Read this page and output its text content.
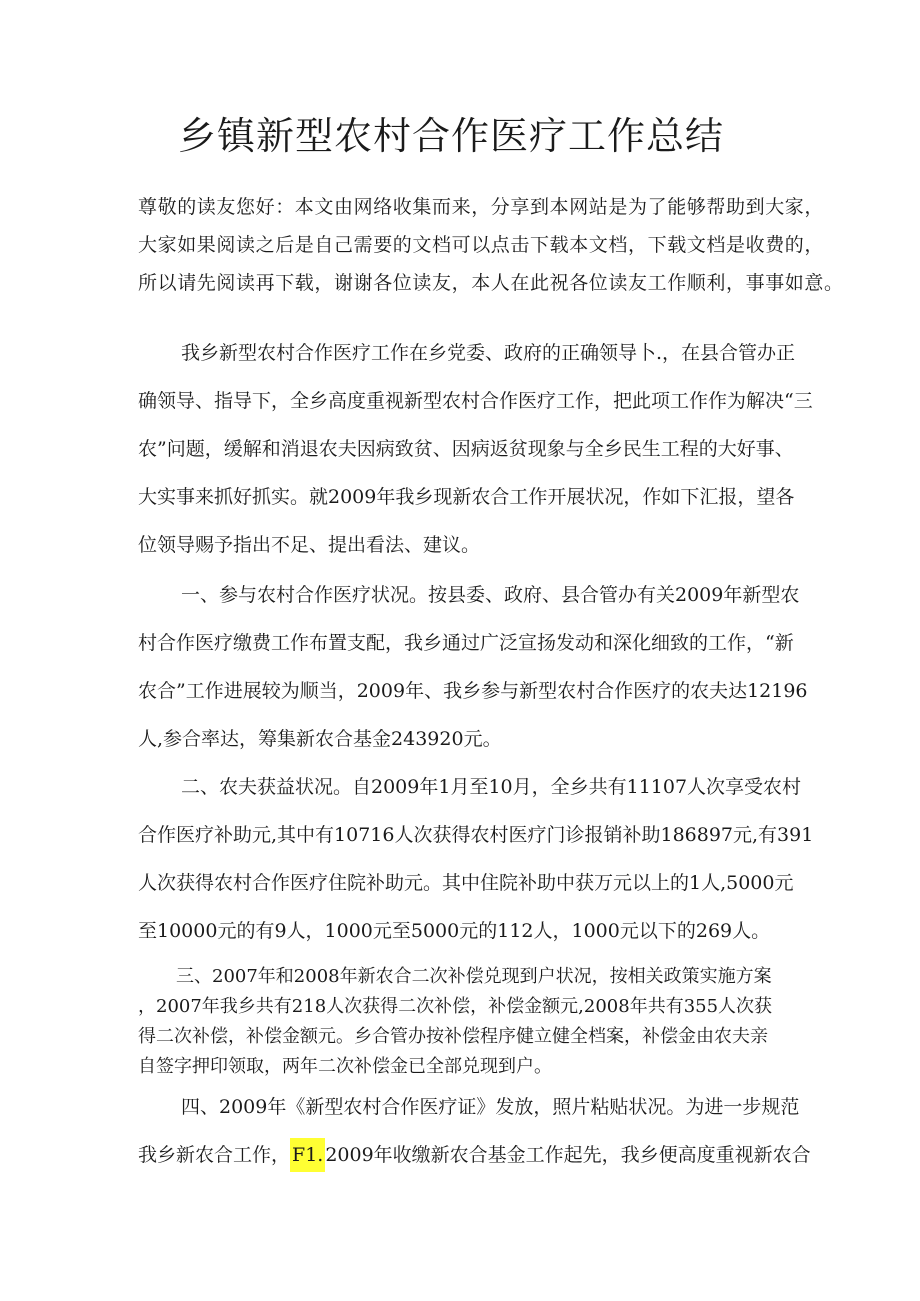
乡镇新型农村合作医疗工作总结
尊敬的读友您好：本文由网络收集而来，分享到本网站是为了能够帮助到大家，
大家如果阅读之后是自己需要的文档可以点击下载本文档，下载文档是收费的，
所以请先阅读再下载，谢谢各位读友，本人在此祝各位读友工作顺利，事事如意。
我乡新型农村合作医疗工作在乡党委、政府的正确领导卜.，在县合管办正
确领导、指导下，全乡高度重视新型农村合作医疗工作，把此项工作作为解决“三
农”问题，缓解和消退农夫因病致贫、因病返贫现象与全乡民生工程的大好事、
大实事来抓好抓实。就2009年我乡现新农合工作开展状况，作如下汇报，望各
位领导赐予指出不足、提出看法、建议。
一、参与农村合作医疗状况。按县委、政府、县合管办有关2009年新型农
村合作医疗缴费工作布置支配，我乡通过广泛宣扬发动和深化细致的工作，“新
农合”工作进展较为顺当，2009年、我乡参与新型农村合作医疗的农夫达12196
人,参合率达，筹集新农合基金243920元。
二、农夫获益状况。自2009年1月至10月，全乡共有11107人次享受农村
合作医疗补助元,其中有10716人次获得农村医疗门诊报销补助186897元,有391
人次获得农村合作医疗住院补助元。其中住院补助中获万元以上的1人,5000元
至10000元的有9人，1000元至5000元的112人，1000元以下的269人。
三、2007年和2008年新农合二次补偿兑现到户状况，按相关政策实施方案
，2007年我乡共有218人次获得二次补偿，补偿金额元,2008年共有355人次获
得二次补偿，补偿金额元。乡合管办按补偿程序健立健全档案，补偿金由农夫亲
自签字押印领取，两年二次补偿金已全部兑现到户。
四、2009年《新型农村合作医疗证》发放，照片粘贴状况。为进一步规范
我乡新农合工作， F1. 2009年收缴新农合基金工作起先，我乡便高度重视新农合
